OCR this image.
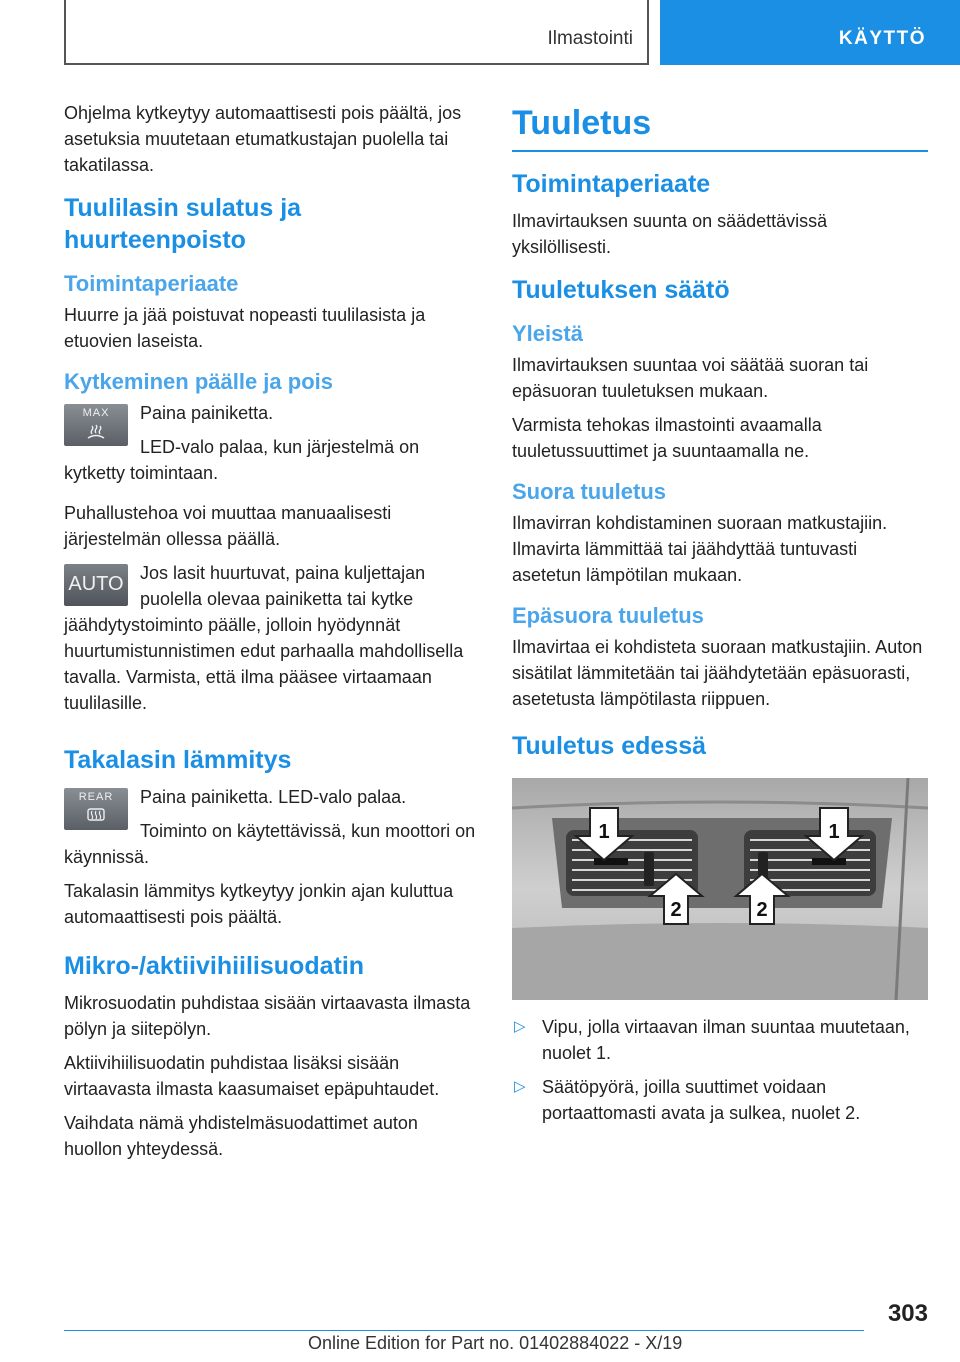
Ilmastointi	KÄYTTÖ

Ohjelma kytkeytyy automaattisesti pois päältä, jos asetuksia muutetaan etumatkustajan puolella tai takatilassa.

Tuulilasin sulatus ja huurteenpoisto
Toimintaperiaate

Huurre ja jää poistuvat nopeasti tuulilasista ja etuovien laseista.

Kytkeminen päälle ja pois
MAX	Paina painiketta.

LED-valo palaa, kun järjestelmä on kytketty toimintaan.

Puhallustehoa voi muuttaa manuaalisesti järjestelmän ollessa päällä.

AUTO Jos lasit huurtuvat, paina kuljettajan puolella olevaa painiketta tai kytke jäähdytystoiminto päälle, jolloin hyödynnät huurtumistunnistimen edut parhaalla mahdollisella tavalla. Varmista, että ilma pääsee virtaamaan tuulilasille.

Takalasin lämmitys
REAR	Paina painiketta. LED-valo palaa.

Toiminto on käytettävissä, kun moottori on käynnissä.

Takalasin lämmitys kytkeytyy jonkin ajan kuluttua automaattisesti pois päältä.

Mikro-/aktiivihiilisuodatin

Mikrosuodatin puhdistaa sisään virtaavasta ilmasta pölyn ja siitepölyn.

Aktiivihiilisuodatin puhdistaa lisäksi sisään virtaavasta ilmasta kaasumaiset epäpuhtaudet.

Vaihdata nämä yhdistelmäsuodattimet auton huollon yhteydessä.

Tuuletus
Toimintaperiaate

Ilmavirtauksen suunta on säädettävissä yksilöllisesti.

Tuuletuksen säätö
Yleistä

Ilmavirtauksen suuntaa voi säätää suoran tai epäsuoran tuuletuksen mukaan.

Varmista tehokas ilmastointi avaamalla tuuletussuuttimet ja suuntaamalla ne.

Suora tuuletus

Ilmavirran kohdistaminen suoraan matkustajiin. Ilmavirta lämmittää tai jäähdyttää tuntuvasti asetetun lämpötilan mukaan.

Epäsuora tuuletus

Ilmavirtaa ei kohdisteta suoraan matkustajiin. Auton sisätilat lämmitetään tai jäähdytetään epäsuorasti, asetetusta lämpötilasta riippuen.

Tuuletus edessä
1	1
2	2
▷ Vipu, jolla virtaavan ilman suuntaa muutetaan, nuolet 1.
▷ Säätöpyörä, joilla suuttimet voidaan portaattomasti avata ja sulkea, nuolet 2.
303
Online Edition for Part no. 01402884022 - X/19
